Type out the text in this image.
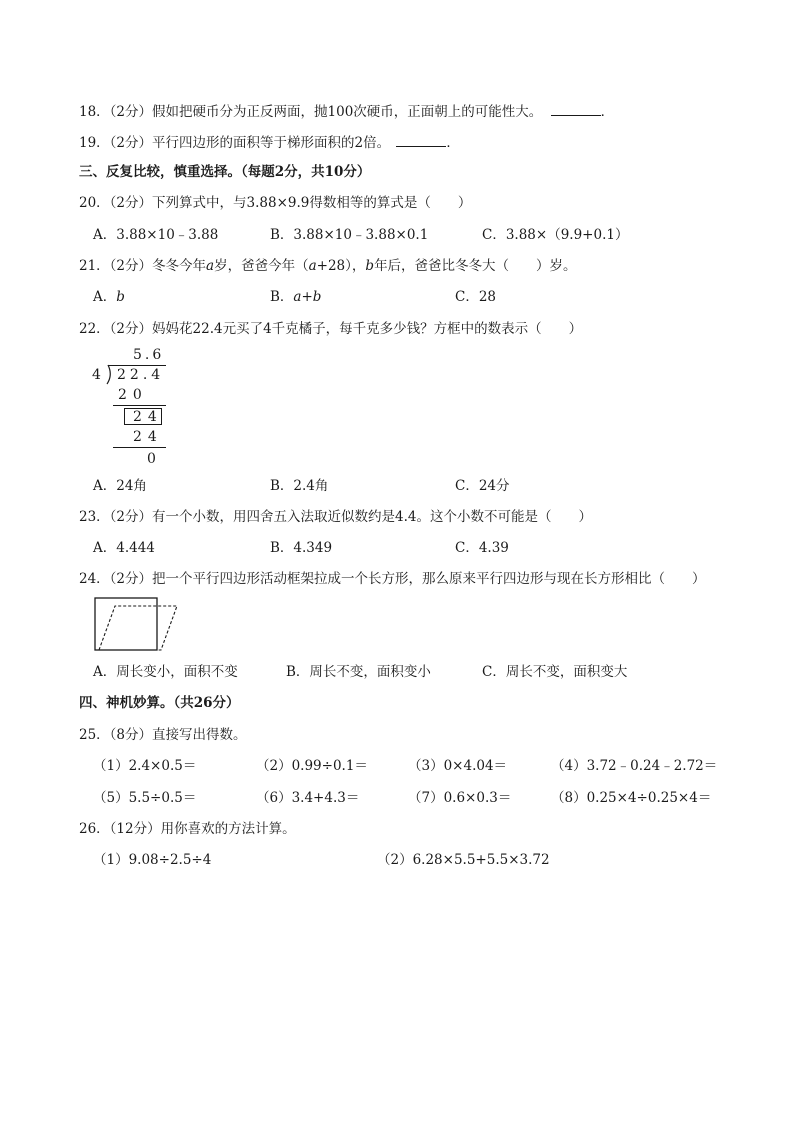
18．（2分）假如把硬币分为正反两面，抛100次硬币，正面朝上的可能性大。	．
19．（2分）平行四边形的面积等于梯形面积的2倍。	．
三、反复比较，慎重选择。（每题2分，共10分）
20．（2分）下列算式中，与3.88×9.9得数相等的算式是（　　）
A．3.88×10﹣3.88	B．3.88×10﹣3.88×0.1	C．3.88×（9.9+0.1）
21．（2分）冬冬今年a岁，爸爸今年（a+28），b年后，爸爸比冬冬大（　　）岁。
A．b	B．a+b	C．28
22．（2分）妈妈花22.4元买了4千克橘子，每千克多少钱？方框中的数表示（　　）
5.6
4 22.4
20
24
24
0
A．24角	B．2.4角	C．24分
23．（2分）有一个小数，用四舍五入法取近似数约是4.4。这个小数不可能是（　　）
A．4.444	B．4.349	C．4.39
24．（2分）把一个平行四边形活动框架拉成一个长方形，那么原来平行四边形与现在长方形相比（　　）
A．周长变小，面积不变	B．周长不变，面积变小	C．周长不变，面积变大
四、神机妙算。（共26分）
25．（8分）直接写出得数。
（1）2.4×0.5＝	（2）0.99÷0.1＝	（3）0×4.04＝	（4）3.72﹣0.24﹣2.72＝
（5）5.5÷0.5＝	（6）3.4+4.3＝	（7）0.6×0.3＝	（8）0.25×4÷0.25×4＝
26．（12分）用你喜欢的方法计算。
（1）9.08÷2.5÷4	（2）6.28×5.5+5.5×3.72
